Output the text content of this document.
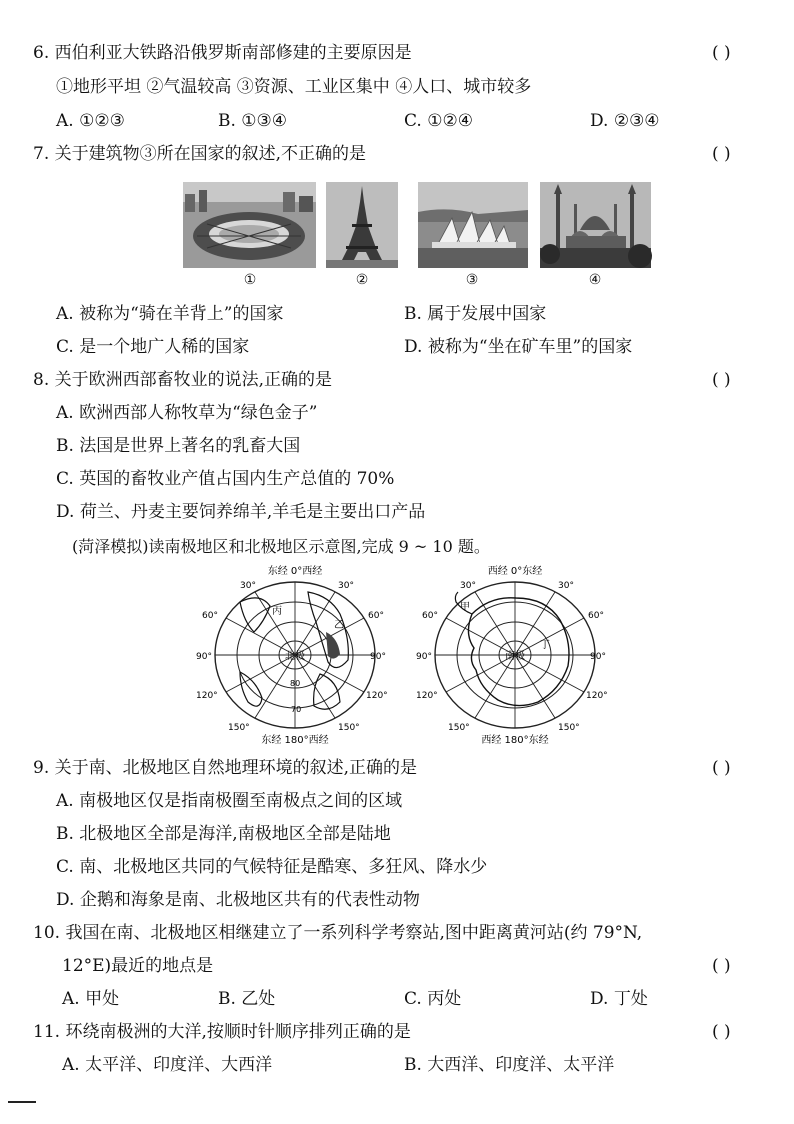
6. 西伯利亚大铁路沿俄罗斯南部修建的主要原因是	( )
①地形平坦 ②气温较高 ③资源、工业区集中 ④人口、城市较多
A. ①②③	B. ①③④	C. ①②④	D. ②③④
7. 关于建筑物③所在国家的叙述,不正确的是	( )
①	②	③	④
A. 被称为“骑在羊背上”的国家	B. 属于发展中国家
C. 是一个地广人稀的国家	D. 被称为“坐在矿车里”的国家
8. 关于欧洲西部畜牧业的说法,正确的是	( )
A. 欧洲西部人称牧草为“绿色金子”
B. 法国是世界上著名的乳畜大国
C. 英国的畜牧业产值占国内生产总值的 70%
D. 荷兰、丹麦主要饲养绵羊,羊毛是主要出口产品
(菏泽模拟)读南极地区和北极地区示意图,完成 9 ~ 10 题。
东经 0°西经
东经 180°西经
北极
30°
60°
90°
120°
150°
30°
60°
90°
120°
150°
丙
乙
80
70
西经 0°东经
西经 180°东经
南极
30°
60°
90°
120°
150°
30°
60°
90°
120°
150°
甲
丁
9. 关于南、北极地区自然地理环境的叙述,正确的是	( )
A. 南极地区仅是指南极圈至南极点之间的区域
B. 北极地区全部是海洋,南极地区全部是陆地
C. 南、北极地区共同的气候特征是酷寒、多狂风、降水少
D. 企鹅和海象是南、北极地区共有的代表性动物
10. 我国在南、北极地区相继建立了一系列科学考察站,图中距离黄河站(约 79°N,
12°E)最近的地点是	( )
A. 甲处	B. 乙处	C. 丙处	D. 丁处
11. 环绕南极洲的大洋,按顺时针顺序排列正确的是	( )
A. 太平洋、印度洋、大西洋	B. 大西洋、印度洋、太平洋
